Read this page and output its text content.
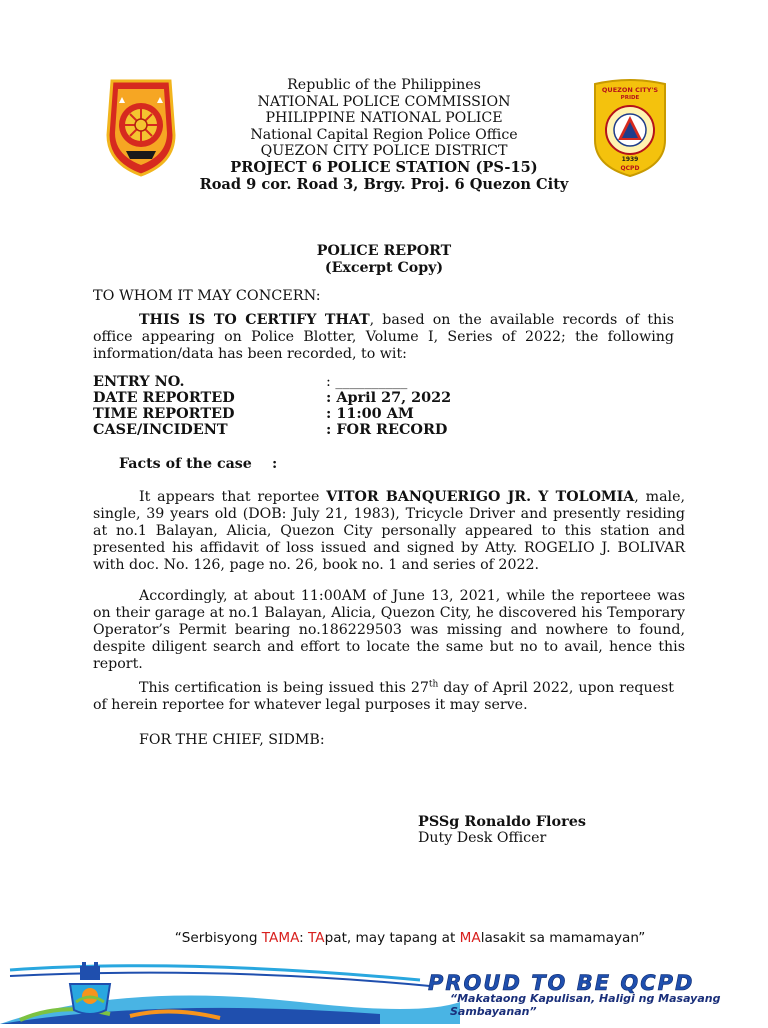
QUEZON CITY'S
PRIDE
1939
QCPD
Republic of the Philippines
NATIONAL POLICE COMMISSION
PHILIPPINE NATIONAL POLICE
National Capital Region Police Office
QUEZON CITY POLICE DISTRICT
PROJECT 6 POLICE STATION (PS-15)
Road 9 cor. Road 3, Brgy. Proj. 6 Quezon City
POLICE REPORT
(Excerpt Copy)
TO WHOM IT MAY CONCERN:
THIS IS TO CERTIFY THAT, based on the available records of this office appearing on Police Blotter, Volume I, Series of 2022; the following information/data has been recorded, to wit:
ENTRY NO.	: __________
DATE REPORTED	: April 27, 2022
TIME REPORTED	: 11:00 AM
CASE/INCIDENT	: FOR RECORD
Facts of the case :
It appears that reportee VITOR BANQUERIGO JR. Y TOLOMIA, male, single, 39 years old (DOB: July 21, 1983), Tricycle Driver and presently residing at no.1 Balayan, Alicia, Quezon City personally appeared to this station and presented his affidavit of loss issued and signed by Atty. ROGELIO J. BOLIVAR with doc. No. 126, page no. 26, book no. 1 and series of 2022.
Accordingly, at about 11:00AM of June 13, 2021, while the reporteee was on their garage at no.1 Balayan, Alicia, Quezon City, he discovered his Temporary Operator’s Permit bearing no.186229503 was missing and nowhere to found, despite diligent search and effort to locate the same but no to avail, hence this report.
This certification is being issued this 27th day of April 2022, upon request of herein reportee for whatever legal purposes it may serve.
FOR THE CHIEF, SIDMB:
PSSg Ronaldo Flores
Duty Desk Officer
“Serbisyong TAMA: TApat, may tapang at MAlasakit sa mamamayan”
PROUD TO BE QCPD
“Makataong Kapulisan, Haligi ng Masayang Sambayanan”
